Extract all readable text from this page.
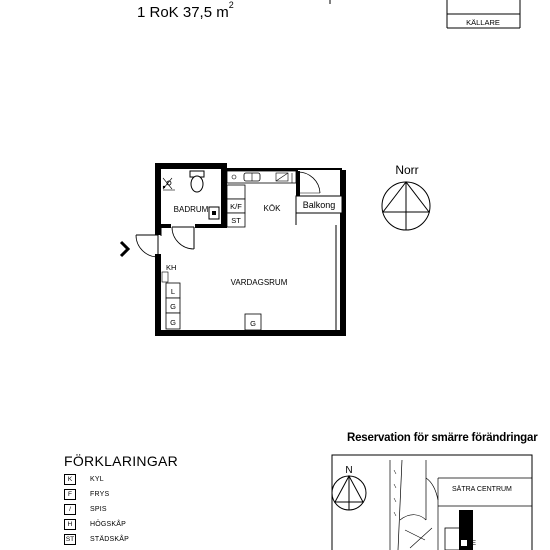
1 RoK 37,5 $m^2$
KÄLLARE
BADRUM	K/F
ST
KÖK Balkong
KH
L
G
G	G
VARDAGSRUM
Norr
N
E
SÄTRA CENTRUM
Reservation för smärre förändringar
FÖRKLARINGAR
K	KYL
F	FRYS
/	SPIS
H	HÖGSKÅP
ST STÄDSKÅP
